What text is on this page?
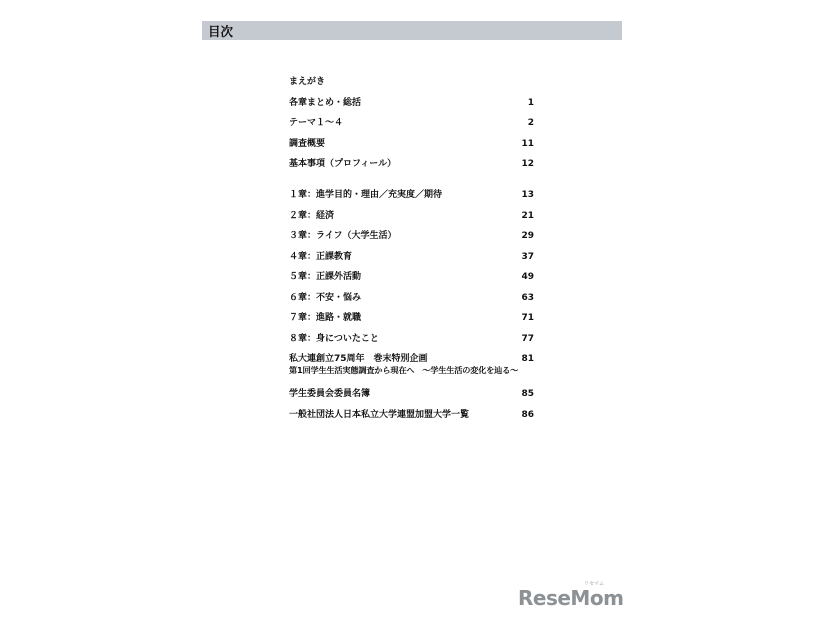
目次
まえがき
各章まとめ・総括	1
テーマ１～４	2
調査概要	11
基本事項（プロフィール）	12
１章：進学目的・理由／充実度／期待	13
２章：経済	21
３章：ライフ（大学生活）	29
４章：正課教育	37
５章：正課外活動	49
６章：不安・悩み	63
７章：進路・就職	71
８章：身についたこと	77
私大連創立75周年　巻末特別企画	81
第1回学生生活実態調査から現在へ　～学生生活の変化を辿る～
学生委員会委員名簿	85
一般社団法人日本私立大学連盟加盟大学一覧	86
リセマム
ReseMom
